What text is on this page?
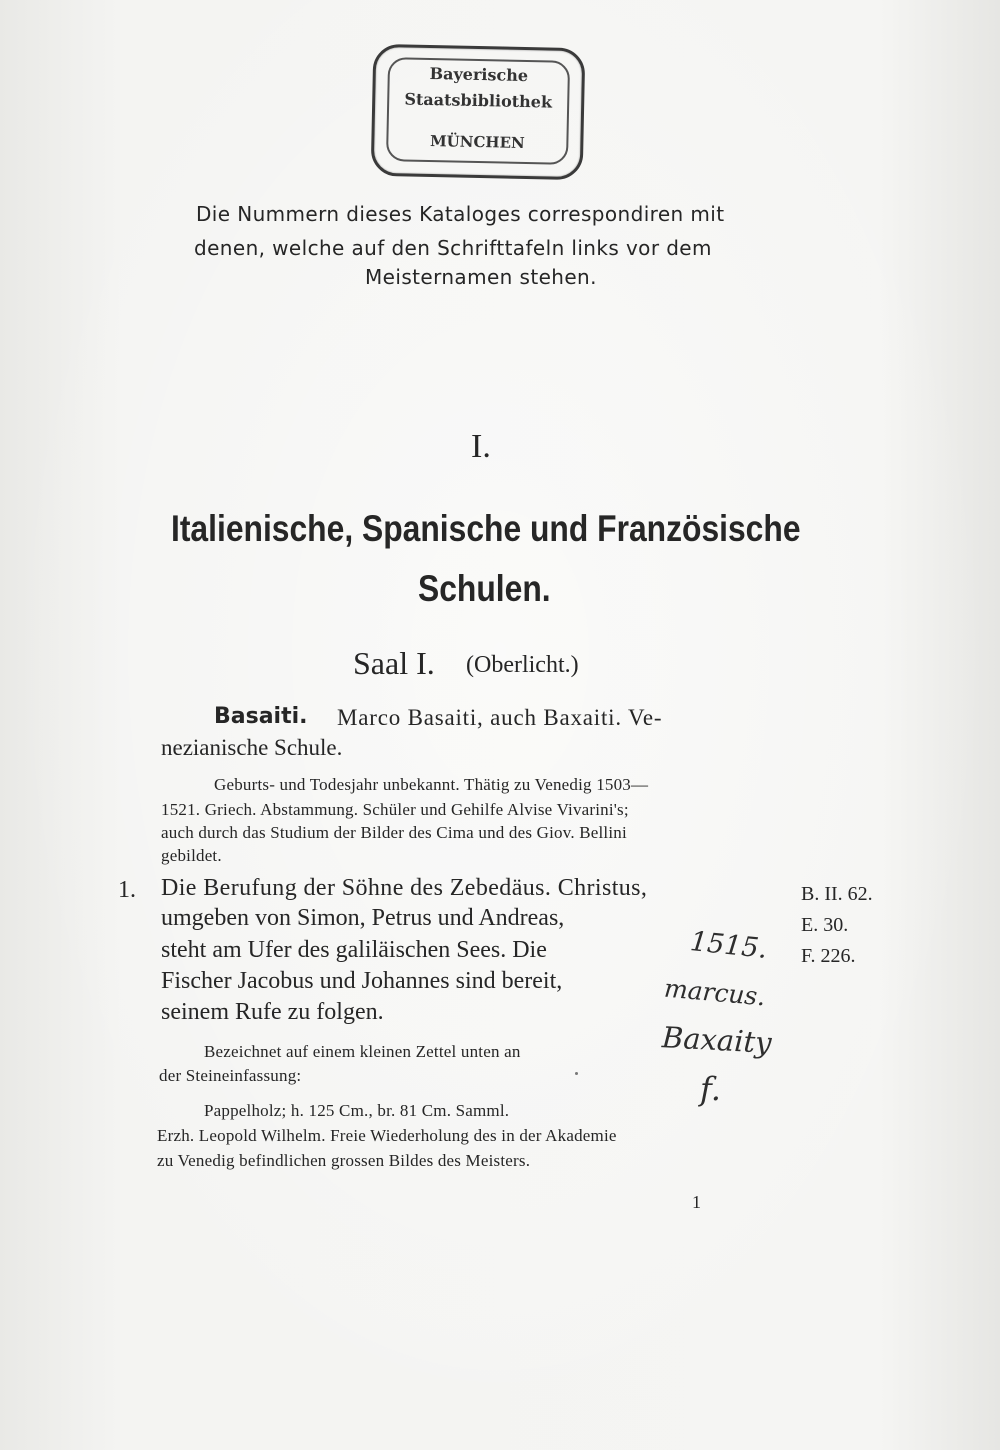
Bayerische
Staatsbibliothek
MÜNCHEN
Die Nummern dieses Kataloges correspondiren mit
denen, welche auf den Schrifttafeln links vor dem
Meisternamen stehen.
I.
Italienische, Spanische und Französische
Schulen.
Saal I. (Oberlicht.)
Basaiti. Marco Basaiti, auch Baxaiti. Ve-
nezianische Schule.
Geburts- und Todesjahr unbekannt. Thätig zu Venedig 1503—
1521. Griech. Abstammung. Schüler und Gehilfe Alvise Vivarini's;
auch durch das Studium der Bilder des Cima und des Giov. Bellini
gebildet.
1. Die Berufung der Söhne des Zebedäus. Christus,
umgeben von Simon, Petrus und Andreas,
steht am Ufer des galiläischen Sees. Die
Fischer Jacobus und Johannes sind bereit,
seinem Rufe zu folgen.
B. II. 62.
E. 30.
F. 226.
Bezeichnet auf einem kleinen Zettel unten an
der Steineinfassung:
1515.
marcus.
Baxaity
f.
Pappelholz; h. 125 Cm., br. 81 Cm. Samml.
Erzh. Leopold Wilhelm. Freie Wiederholung des in der Akademie
zu Venedig befindlichen grossen Bildes des Meisters.
1
